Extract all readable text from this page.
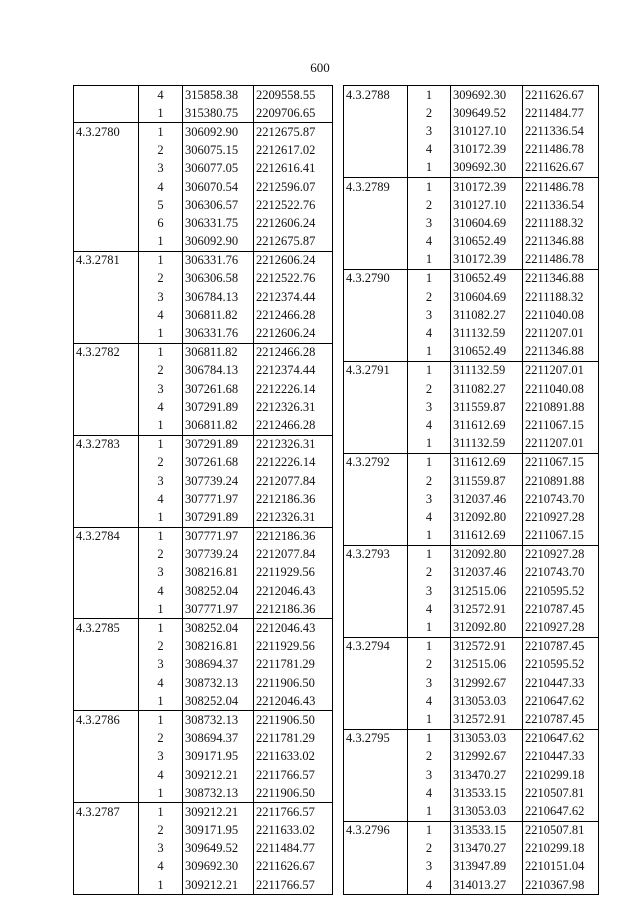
600
	4	315858.38	2209558.55
	1	315380.75	2209706.65
4.3.2780	1	306092.90	2212675.87
	2	306075.15	2212617.02
	3	306077.05	2212616.41
	4	306070.54	2212596.07
	5	306306.57	2212522.76
	6	306331.75	2212606.24
	1	306092.90	2212675.87
4.3.2781	1	306331.76	2212606.24
	2	306306.58	2212522.76
	3	306784.13	2212374.44
	4	306811.82	2212466.28
	1	306331.76	2212606.24
4.3.2782	1	306811.82	2212466.28
	2	306784.13	2212374.44
	3	307261.68	2212226.14
	4	307291.89	2212326.31
	1	306811.82	2212466.28
4.3.2783	1	307291.89	2212326.31
	2	307261.68	2212226.14
	3	307739.24	2212077.84
	4	307771.97	2212186.36
	1	307291.89	2212326.31
4.3.2784	1	307771.97	2212186.36
	2	307739.24	2212077.84
	3	308216.81	2211929.56
	4	308252.04	2212046.43
	1	307771.97	2212186.36
4.3.2785	1	308252.04	2212046.43
	2	308216.81	2211929.56
	3	308694.37	2211781.29
	4	308732.13	2211906.50
	1	308252.04	2212046.43
4.3.2786	1	308732.13	2211906.50
	2	308694.37	2211781.29
	3	309171.95	2211633.02
	4	309212.21	2211766.57
	1	308732.13	2211906.50
4.3.2787	1	309212.21	2211766.57
	2	309171.95	2211633.02
	3	309649.52	2211484.77
	4	309692.30	2211626.67
	1	309212.21	2211766.57
4.3.2788	1	309692.30	2211626.67
	2	309649.52	2211484.77
	3	310127.10	2211336.54
	4	310172.39	2211486.78
	1	309692.30	2211626.67
4.3.2789	1	310172.39	2211486.78
	2	310127.10	2211336.54
	3	310604.69	2211188.32
	4	310652.49	2211346.88
	1	310172.39	2211486.78
4.3.2790	1	310652.49	2211346.88
	2	310604.69	2211188.32
	3	311082.27	2211040.08
	4	311132.59	2211207.01
	1	310652.49	2211346.88
4.3.2791	1	311132.59	2211207.01
	2	311082.27	2211040.08
	3	311559.87	2210891.88
	4	311612.69	2211067.15
	1	311132.59	2211207.01
4.3.2792	1	311612.69	2211067.15
	2	311559.87	2210891.88
	3	312037.46	2210743.70
	4	312092.80	2210927.28
	1	311612.69	2211067.15
4.3.2793	1	312092.80	2210927.28
	2	312037.46	2210743.70
	3	312515.06	2210595.52
	4	312572.91	2210787.45
	1	312092.80	2210927.28
4.3.2794	1	312572.91	2210787.45
	2	312515.06	2210595.52
	3	312992.67	2210447.33
	4	313053.03	2210647.62
	1	312572.91	2210787.45
4.3.2795	1	313053.03	2210647.62
	2	312992.67	2210447.33
	3	313470.27	2210299.18
	4	313533.15	2210507.81
	1	313053.03	2210647.62
4.3.2796	1	313533.15	2210507.81
	2	313470.27	2210299.18
	3	313947.89	2210151.04
	4	314013.27	2210367.98
